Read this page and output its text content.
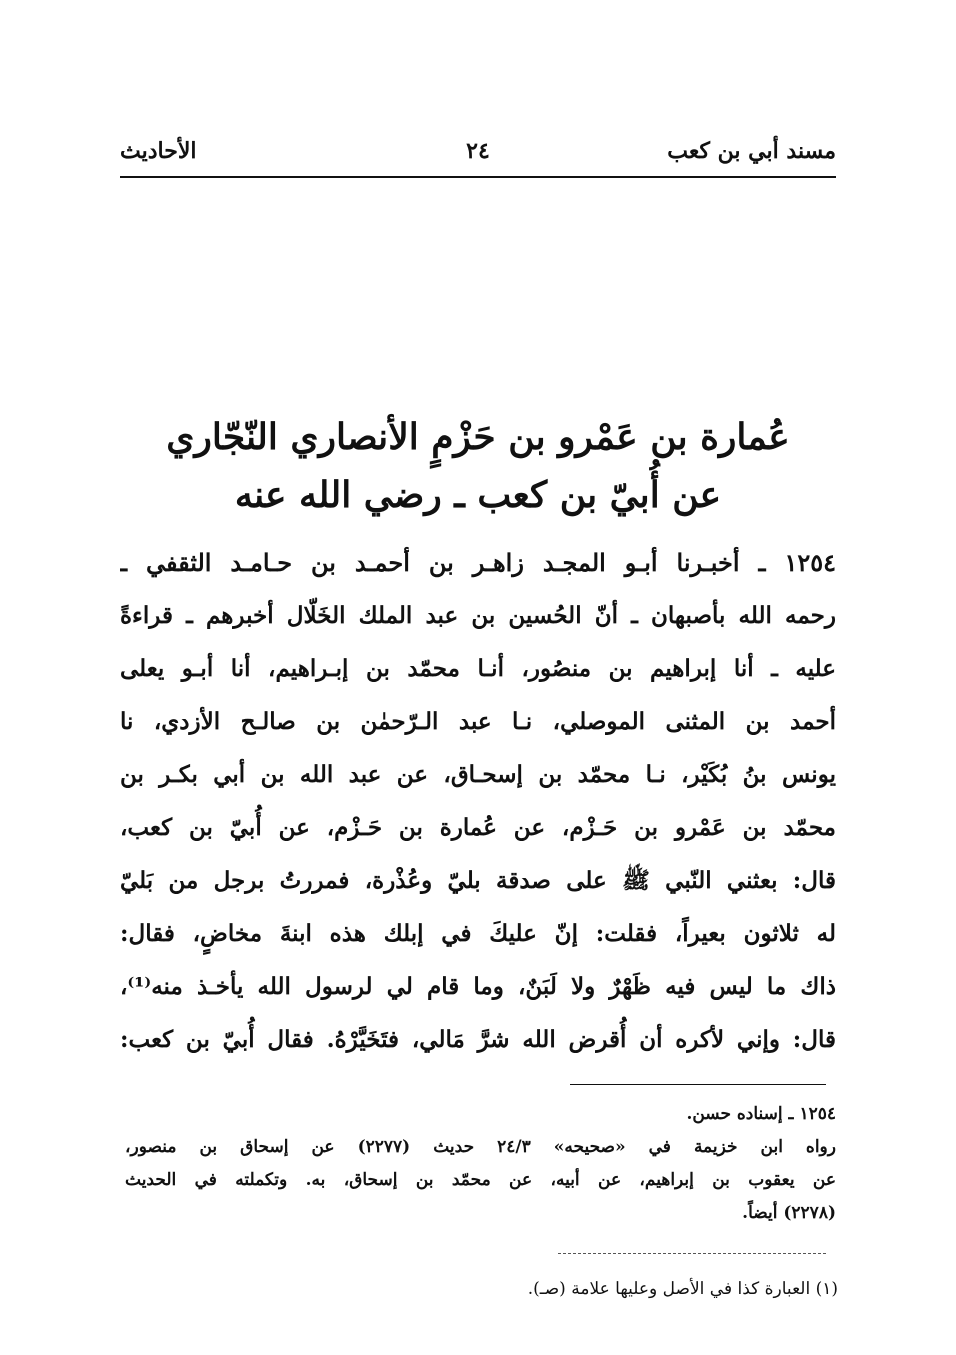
مسند أبي بن كعب
٢٤
الأحاديث
عُمارة بن عَمْرو بن حَزْمٍ الأنصاري النّجّاري
عن أُبيّ بن كعب ـ رضي الله عنه
١٢٥٤ ـ أخبـرنا أبـو المجـد زاهـر بن أحمـد بن حـامـد الثقفي ـ
رحمه الله بأصبهان ـ أنّ الحُسين بن عبد الملك الخَلّال أخبرهم ـ قراءةً
عليه ـ أنا إبراهيم بن منصُور، أنـا محمّد بن إبـراهيم، أنا أبـو يعلى
أحمد بن المثنى الموصلي، نـا عبد الـرّحمٰن بن صالـح الأزدي، نا
يونس بنُ بُكَيْر، نـا محمّد بن إسحـاق، عن عبد الله بن أبي بكـر بن
محمّد بن عَمْرو بن حَـزْم، عن عُمارة بن حَـزْم، عن أُبيّ بن كعب،
قال: بعثني النّبي ﷺ على صدقة بليّ وعُذْرة، فمررتُ برجل من بَليّ
له ثلاثون بعيراً، فقلت: إنّ عليكَ في إبلك هذه ابنةَ مخاضٍ، فقال:
ذاك ما ليس فيه ظَهْرٌ ولا لَبَنٌ، وما قام لي لرسول الله يأخـذ منه⁽¹⁾،
قال: وإني لأكره أن أُقرض الله شرَّ مَالي، فتَخَيَّرْهُ. فقال أُبيّ بن كعب:
١٢٥٤ ـ إسناده حسن.
رواه ابن خزيمة في «صحيحه» ٢٤/٣ حديث (٢٢٧٧) عن إسحاق بن منصور،
عن يعقوب بن إبراهيم، عن أبيه، عن محمّد بن إسحاق، به. وتكملته في الحديث
(٢٢٧٨) أيضاً.
(١) العبارة كذا في الأصل وعليها علامة (صـ).
